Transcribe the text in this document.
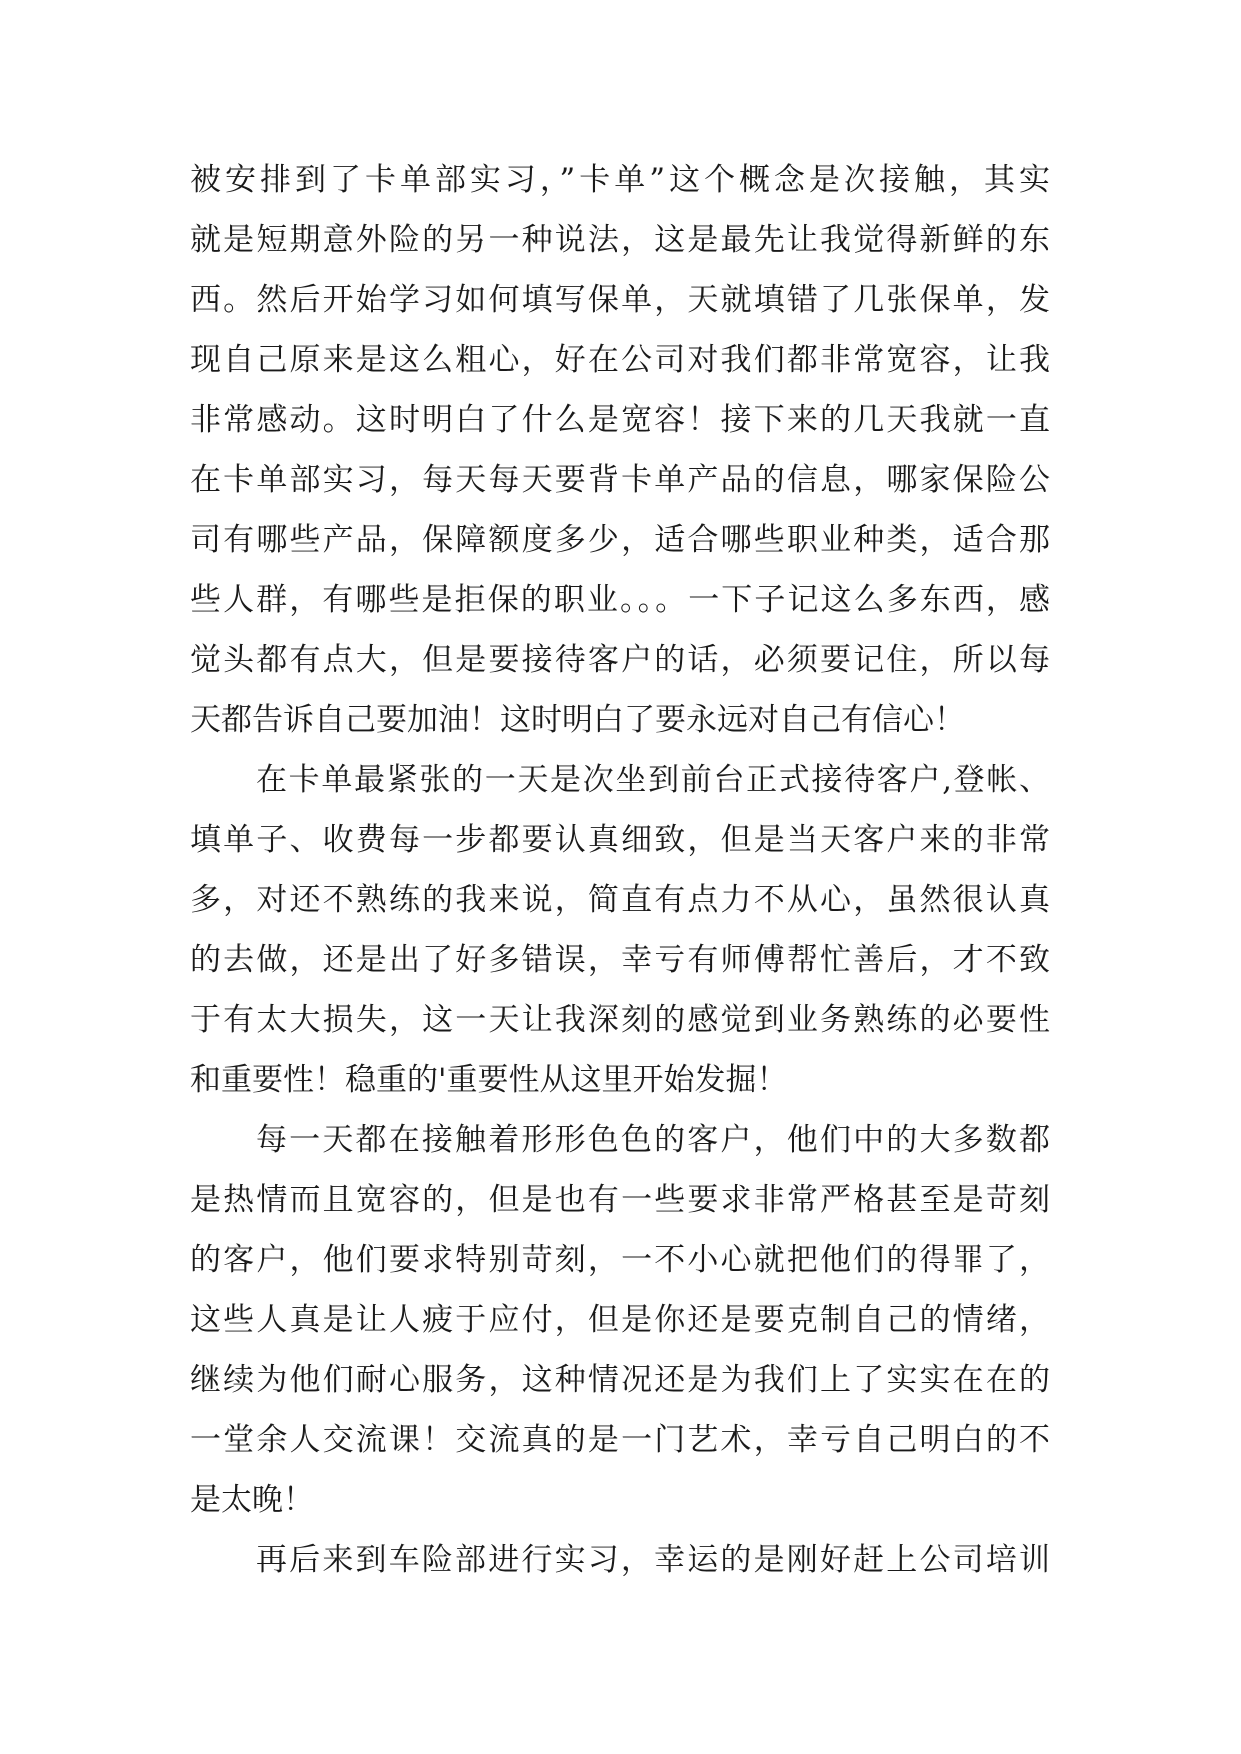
被安排到了卡单部实习，”卡单”这个概念是次接触，其实
就是短期意外险的另一种说法，这是最先让我觉得新鲜的东
西。然后开始学习如何填写保单，天就填错了几张保单，发
现自己原来是这么粗心，好在公司对我们都非常宽容，让我
非常感动。这时明白了什么是宽容！接下来的几天我就一直
在卡单部实习，每天每天要背卡单产品的信息，哪家保险公
司有哪些产品，保障额度多少，适合哪些职业种类，适合那
些人群，有哪些是拒保的职业。。。一下子记这么多东西，感
觉头都有点大，但是要接待客户的话，必须要记住，所以每
天都告诉自己要加油！这时明白了要永远对自己有信心！
在卡单最紧张的一天是次坐到前台正式接待客户,登帐、
填单子、收费每一步都要认真细致，但是当天客户来的非常
多，对还不熟练的我来说，简直有点力不从心，虽然很认真
的去做，还是出了好多错误，幸亏有师傅帮忙善后，才不致
于有太大损失，这一天让我深刻的感觉到业务熟练的必要性
和重要性！稳重的'重要性从这里开始发掘！
每一天都在接触着形形色色的客户，他们中的大多数都
是热情而且宽容的，但是也有一些要求非常严格甚至是苛刻
的客户，他们要求特别苛刻，一不小心就把他们的得罪了，
这些人真是让人疲于应付，但是你还是要克制自己的情绪，
继续为他们耐心服务，这种情况还是为我们上了实实在在的
一堂余人交流课！交流真的是一门艺术，幸亏自己明白的不
是太晚！
再后来到车险部进行实习，幸运的是刚好赶上公司培训
